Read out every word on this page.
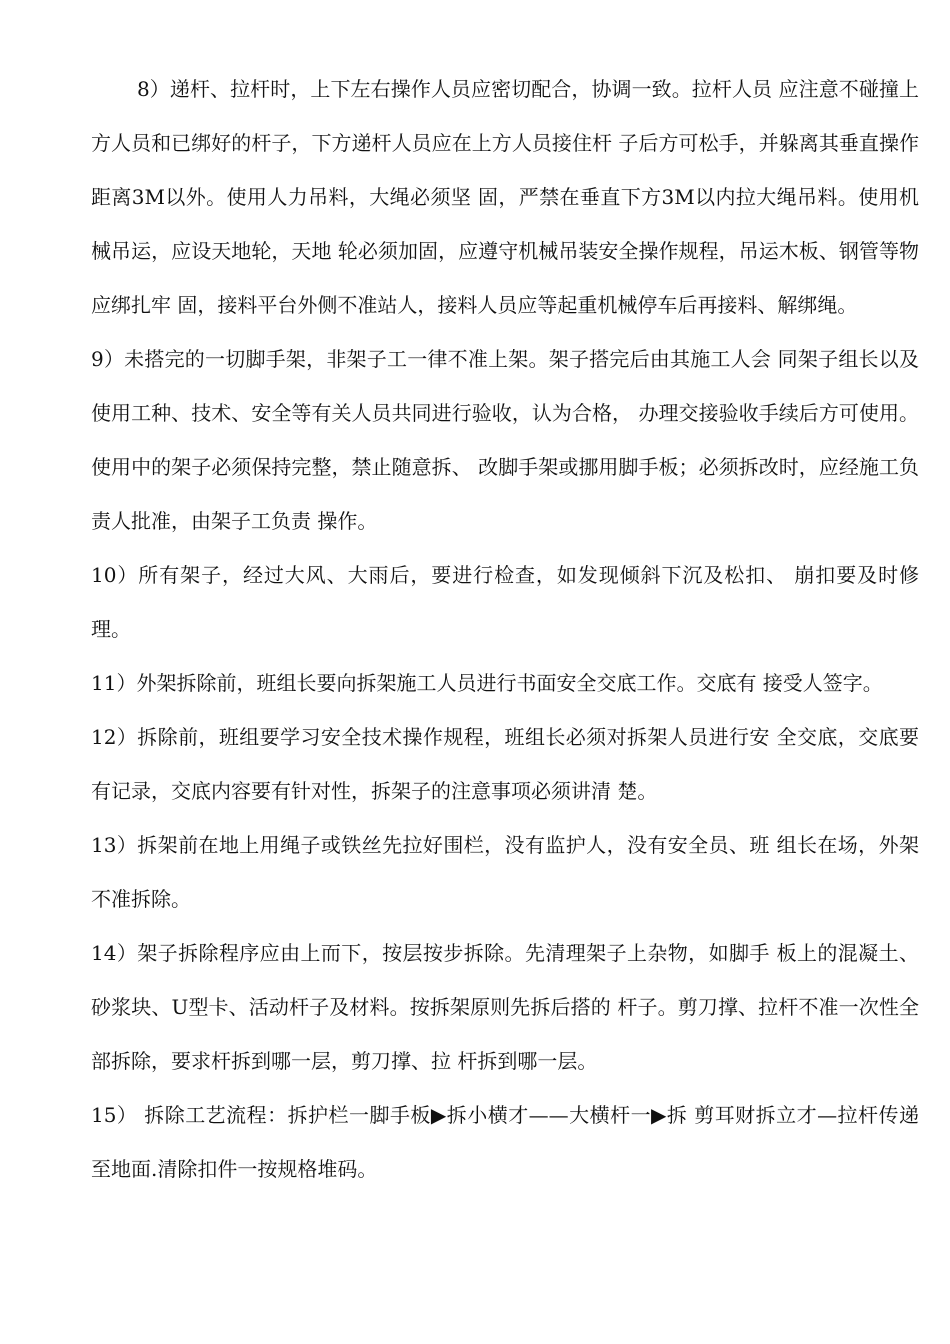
8）递杆、拉杆时，上下左右操作人员应密切配合，协调一致。拉杆人员 应注意不碰撞上方人员和已绑好的杆子，下方递杆人员应在上方人员接住杆 子后方可松手，并躲离其垂直操作距离3M以外。使用人力吊料，大绳必须坚 固，严禁在垂直下方3M以内拉大绳吊料。使用机械吊运，应设天地轮，天地 轮必须加固，应遵守机械吊装安全操作规程，吊运木板、钢管等物应绑扎牢 固，接料平台外侧不准站人，接料人员应等起重机械停车后再接料、解绑绳。

9）未搭完的一切脚手架，非架子工一律不准上架。架子搭完后由其施工人会 同架子组长以及使用工种、技术、安全等有关人员共同进行验收，认为合格， 办理交接验收手续后方可使用。使用中的架子必须保持完整，禁止随意拆、 改脚手架或挪用脚手板；必须拆改时，应经施工负责人批准，由架子工负责 操作。

10）所有架子，经过大风、大雨后，要进行检查，如发现倾斜下沉及松扣、 崩扣要及时修理。

11）外架拆除前，班组长要向拆架施工人员进行书面安全交底工作。交底有 接受人签字。

12）拆除前，班组要学习安全技术操作规程，班组长必须对拆架人员进行安 全交底，交底要有记录，交底内容要有针对性，拆架子的注意事项必须讲清 楚。

13）拆架前在地上用绳子或铁丝先拉好围栏，没有监护人，没有安全员、班 组长在场，外架不准拆除。

14）架子拆除程序应由上而下，按层按步拆除。先清理架子上杂物，如脚手 板上的混凝土、砂浆块、U型卡、活动杆子及材料。按拆架原则先拆后搭的 杆子。剪刀撑、拉杆不准一次性全部拆除，要求杆拆到哪一层，剪刀撑、拉 杆拆到哪一层。

15） 拆除工艺流程：拆护栏一脚手板▶拆小横才——大横杆一▶拆 剪耳财拆立才—拉杆传递至地面.清除扣件一按规格堆码。
